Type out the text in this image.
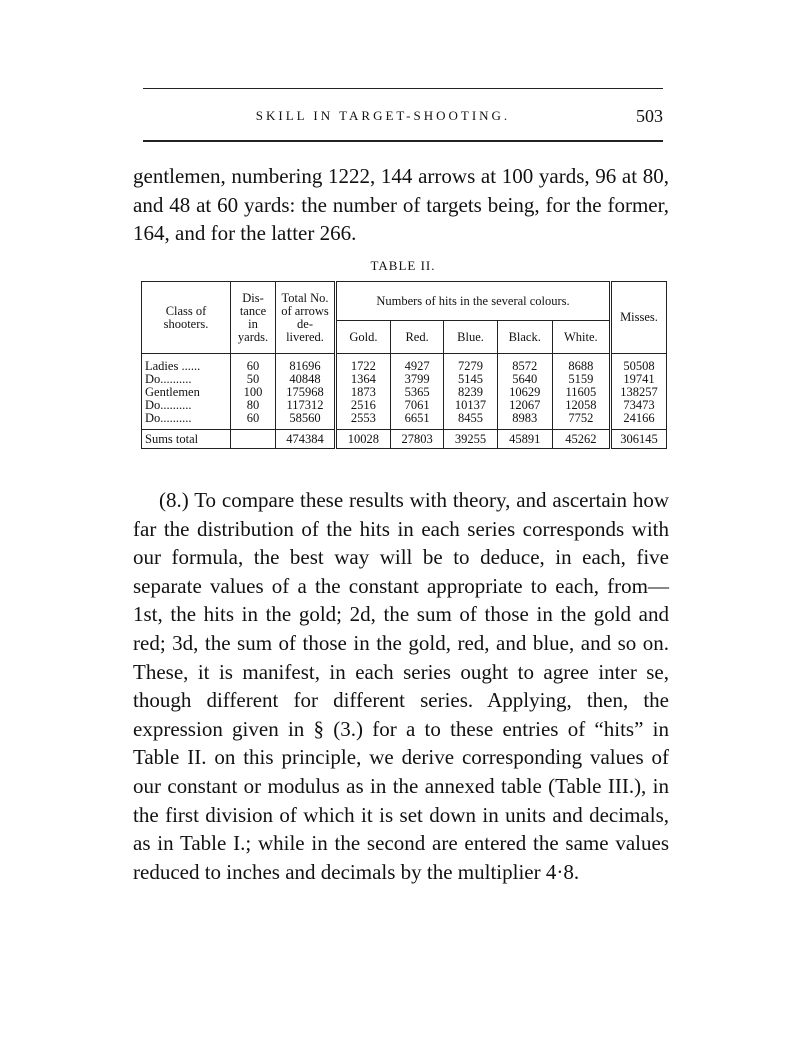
SKILL IN TARGET-SHOOTING.	503

gentlemen, numbering 1222, 144 arrows at 100 yards, 96 at 80, and 48 at 60 yards: the number of targets being, for the former, 164, and for the latter 266.

TABLE II.
Class of shooters.	Dis- tance in yards.	Total No. of arrows de- livered.	Numbers of hits in the several colours.					Misses.
			Gold.	Red.	Blue.	Black.	White.	
Ladies ......	60	81696	1722	4927	7279	8572	8688	50508
Do..........	50	40848	1364	3799	5145	5640	5159	19741
Gentlemen	100	175968	1873	5365	8239	10629	11605	138257
Do..........	80	117312	2516	7061	10137	12067	12058	73473
Do..........	60	58560	2553	6651	8455	8983	7752	24166
Sums total		474384	10028	27803	39255	45891	45262	306145

(8.) To compare these results with theory, and ascertain how far the distribution of the hits in each series corresponds with our formula, the best way will be to deduce, in each, five separate values of a the constant appropriate to each, from—1st, the hits in the gold; 2d, the sum of those in the gold and red; 3d, the sum of those in the gold, red, and blue, and so on. These, it is manifest, in each series ought to agree inter se, though different for different series. Applying, then, the expression given in § (3.) for a to these entries of “hits” in Table II. on this principle, we derive corresponding values of our constant or modulus as in the annexed table (Table III.), in the first division of which it is set down in units and decimals, as in Table I.; while in the second are entered the same values reduced to inches and decimals by the multiplier 4·8.
